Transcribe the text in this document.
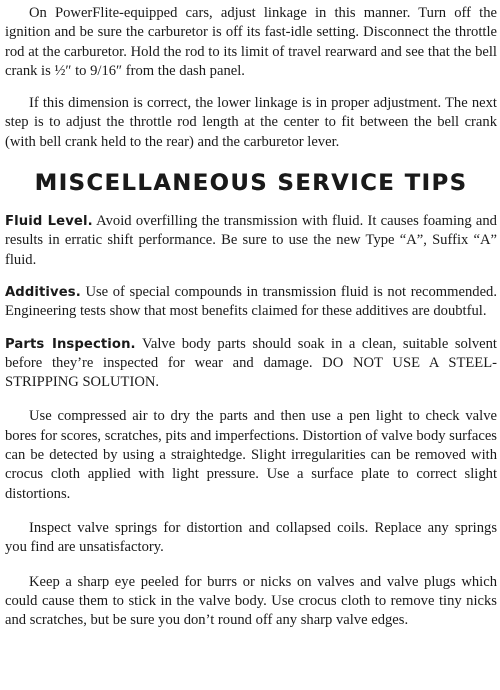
On PowerFlite-equipped cars, adjust linkage in this manner. Turn off the ignition and be sure the carburetor is off its fast-idle setting. Disconnect the throttle rod at the carburetor. Hold the rod to its limit of travel rearward and see that the bell crank is ½″ to 9/16″ from the dash panel.

If this dimension is correct, the lower linkage is in proper adjustment. The next step is to adjust the throttle rod length at the center to fit between the bell crank (with bell crank held to the rear) and the carburetor lever.

MISCELLANEOUS SERVICE TIPS

Fluid Level. Avoid overfilling the transmission with fluid. It causes foaming and results in erratic shift performance. Be sure to use the new Type “A”, Suffix “A” fluid.

Additives. Use of special compounds in transmission fluid is not recommended. Engineering tests show that most benefits claimed for these additives are doubtful.

Parts Inspection. Valve body parts should soak in a clean, suitable solvent before they’re inspected for wear and damage. DO NOT USE A STEEL-STRIPPING SOLUTION.

Use compressed air to dry the parts and then use a pen light to check valve bores for scores, scratches, pits and imperfections. Distortion of valve body surfaces can be detected by using a straightedge. Slight irregularities can be removed with crocus cloth applied with light pressure. Use a surface plate to correct slight distortions.

Inspect valve springs for distortion and collapsed coils. Replace any springs you find are unsatisfactory.

Keep a sharp eye peeled for burrs or nicks on valves and valve plugs which could cause them to stick in the valve body. Use crocus cloth to remove tiny nicks and scratches, but be sure you don’t round off any sharp valve edges.
